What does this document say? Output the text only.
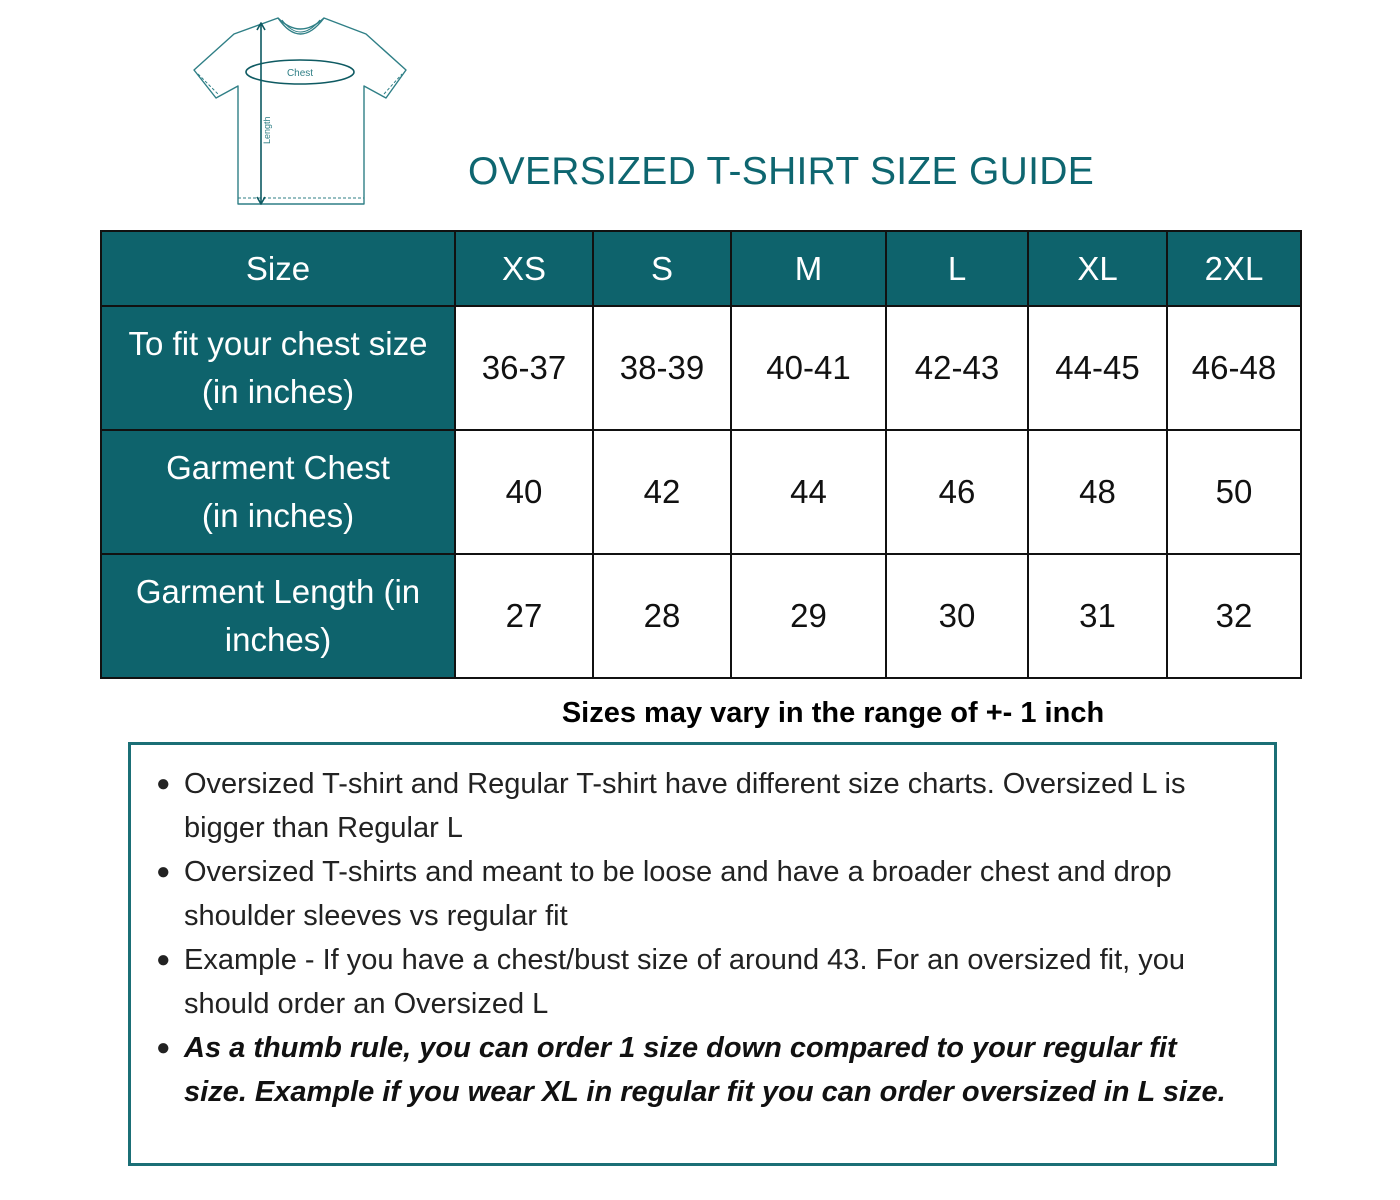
Chest
Length
OVERSIZED T-SHIRT SIZE GUIDE
Size	XS	S	M	L	XL	2XL

To fit your chest size
(in inches)	36-37	38-39	40-41	42-43	44-45	46-48

Garment Chest
(in inches)	40	42	44	46	48	50

Garment Length (in
inches)	27	28	29	30	31	32
Sizes may vary in the range of +- 1 inch
● Oversized T-shirt and Regular T-shirt have different size charts. Oversized L is bigger than Regular L
● Oversized T-shirts and meant to be loose and have a broader chest and drop shoulder sleeves vs regular fit
● Example - If you have a chest/bust size of around 43. For an oversized fit, you should order an Oversized L
● As a thumb rule, you can order 1 size down compared to your regular fit size. Example if you wear XL in regular fit you can order oversized in L size.
